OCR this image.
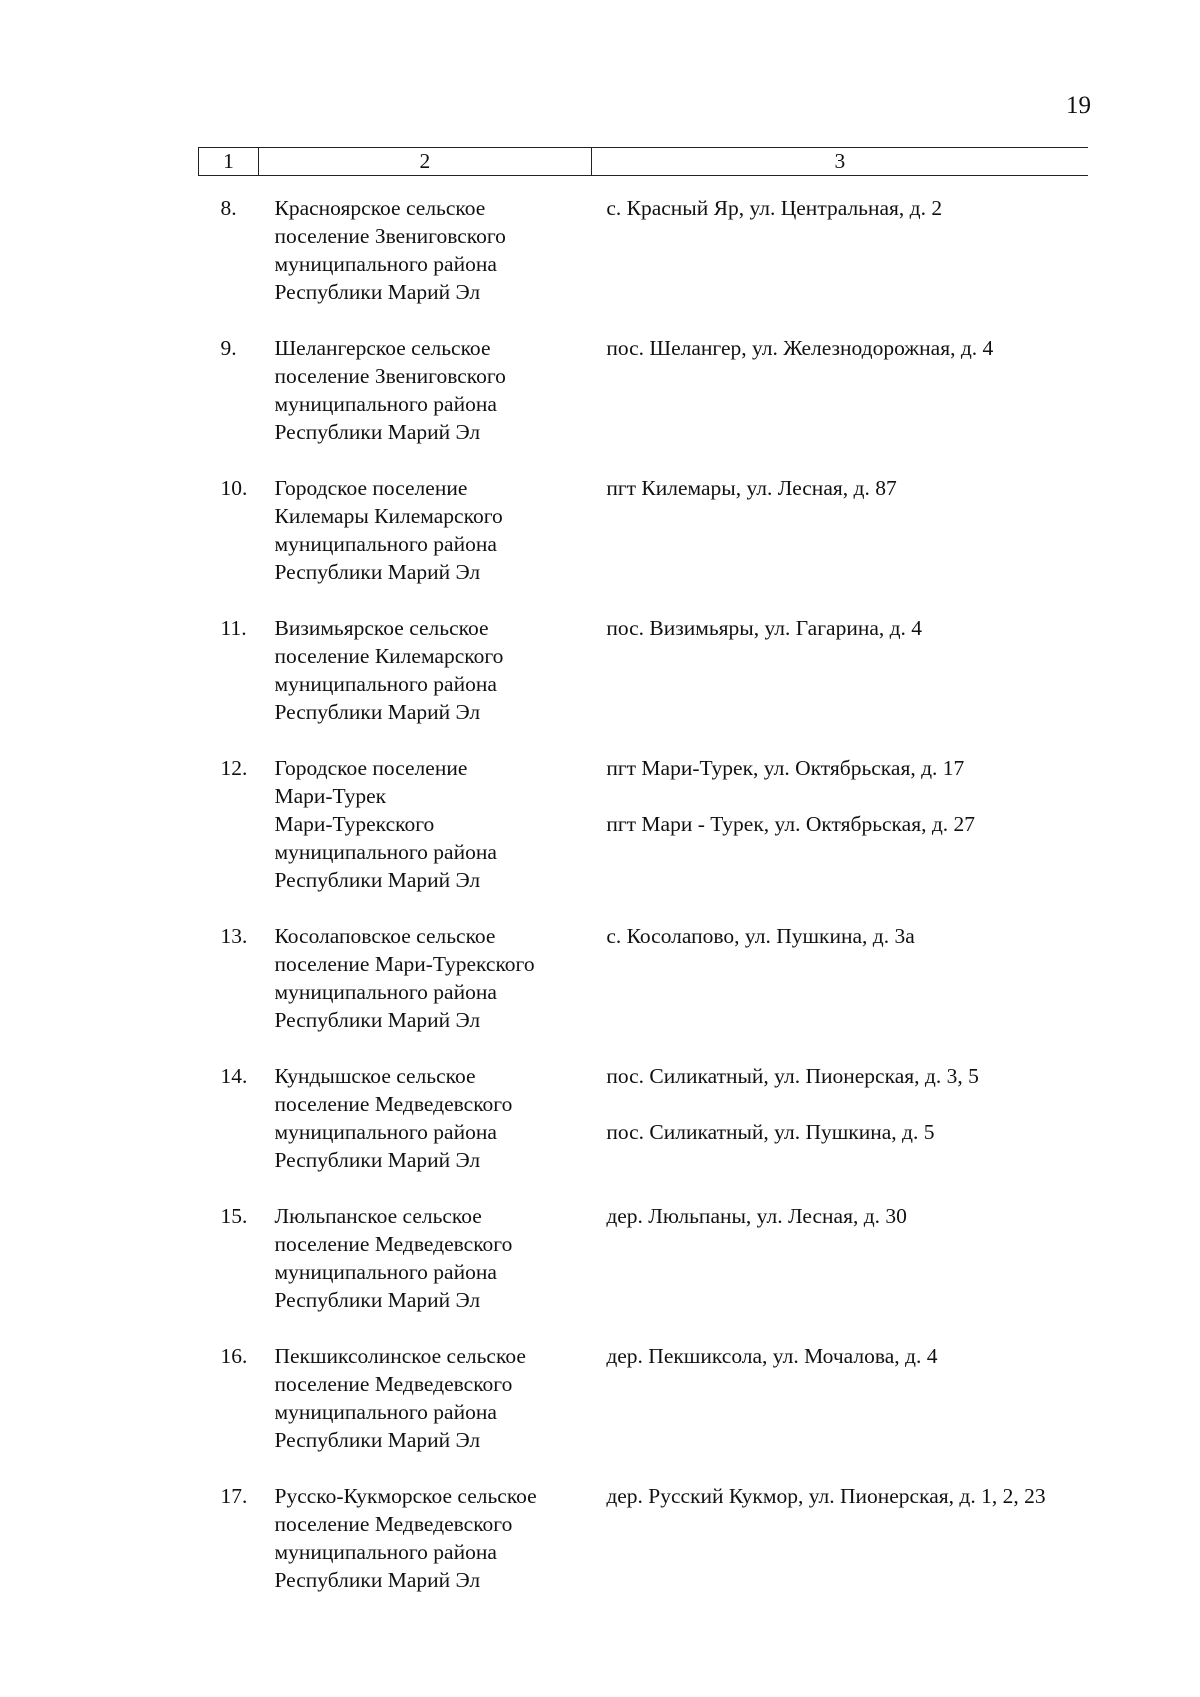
19
1	2	3
8.	Красноярское сельское
поселение Звениговского
муниципального района
Республики Марий Эл	с. Красный Яр, ул. Центральная, д. 2

9.	Шелангерское сельское
поселение Звениговского
муниципального района
Республики Марий Эл	пос. Шелангер, ул. Железнодорожная, д. 4

10.	Городское поселение
Килемары Килемарского
муниципального района
Республики Марий Эл	пгт Килемары, ул. Лесная, д. 87

11.	Визимьярское сельское
поселение Килемарского
муниципального района
Республики Марий Эл	пос. Визимьяры, ул. Гагарина, д. 4

12.	Городское поселение
Мари-Турек
Мари-Турекского
муниципального района
Республики Марий Эл	пгт Мари-Турек, ул. Октябрьская, д. 17
пгт Мари - Турек, ул. Октябрьская, д. 27

13.	Косолаповское сельское
поселение Мари-Турекского
муниципального района
Республики Марий Эл	с. Косолапово, ул. Пушкина, д. 3а

14.	Кундышское сельское
поселение Медведевского
муниципального района
Республики Марий Эл	пос. Силикатный, ул. Пионерская, д. 3, 5
пос. Силикатный, ул. Пушкина, д. 5

15.	Люльпанское сельское
поселение Медведевского
муниципального района
Республики Марий Эл	дер. Люльпаны, ул. Лесная, д. 30

16.	Пекшиксолинское сельское
поселение Медведевского
муниципального района
Республики Марий Эл	дер. Пекшиксола, ул. Мочалова, д. 4

17.	Русско-Кукморское сельское
поселение Медведевского
муниципального района
Республики Марий Эл	дер. Русский Кукмор, ул. Пионерская, д. 1, 2, 23
